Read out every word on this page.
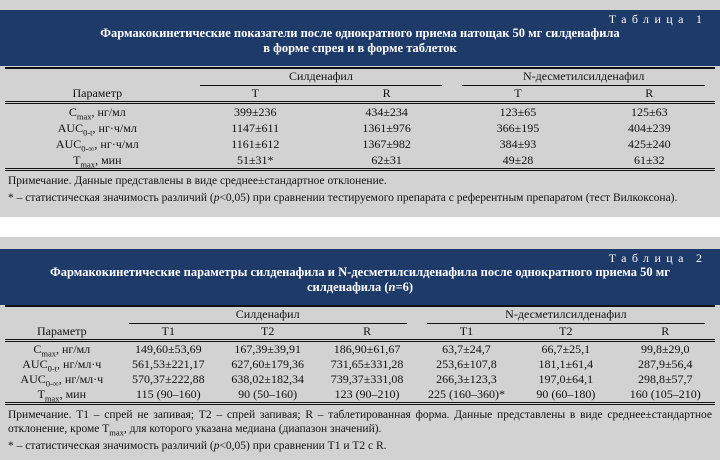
Таблица 1
Фармакокинетические показатели после однократного приема натощак 50 мг силденафила
в форме спрея и в форме таблеток
Параметр	Силденафил		N-десметилсилденафил	

	T	R	T	R
$C_{max}$, нг/мл	399±236	434±234	123±65	125±63
$AUC_{0-t}$, нг·ч/мл	1147±611	1361±976	366±195	404±239
$AUC_{0-\infty}$, нг·ч/мл	1161±612	1367±982	384±93	425±240
$T_{max}$, мин	51±31*	62±31	49±28	61±32
Примечание. Данные представлены в виде среднее±стандартное отклонение.
* – статистическая значимость различий (p<0,05) при сравнении тестируемого препарата с референтным препаратом (тест Вилкоксона).
Таблица 2
Фармакокинетические параметры силденафила и N-десметилсилденафила после однократного приема 50 мг
силденафила (n=6)
Параметр	Силденафил			N-десметилсилденафил		

	T1	T2	R	T1	T2	R
$C_{max}$, нг/мл	149,60±53,69	167,39±39,91	186,90±61,67	63,7±24,7	66,7±25,1	99,8±29,0
$AUC_{0-t}$, нг/мл·ч	561,53±221,17	627,60±179,36	731,65±331,28	253,6±107,8	181,1±61,4	287,9±56,4
$AUC_{0-\infty}$, нг/мл·ч	570,37±222,88	638,02±182,34	739,37±331,08	266,3±123,3	197,0±64,1	298,8±57,7
$T_{max}$, мин	115 (90–160)	90 (50–160)	123 (90–210)	225 (160–360)*	90 (60–180)	160 (105–210)
Примечание. Т1 – спрей не запивая; Т2 – спрей запивая; R – таблетированная форма. Данные представлены в виде среднее±стандартное отклонение, кроме $Т_{max}$, для которого указана медиана (диапазон значений).
* – статистическая значимость различий (p<0,05) при сравнении Т1 и Т2 с R.
